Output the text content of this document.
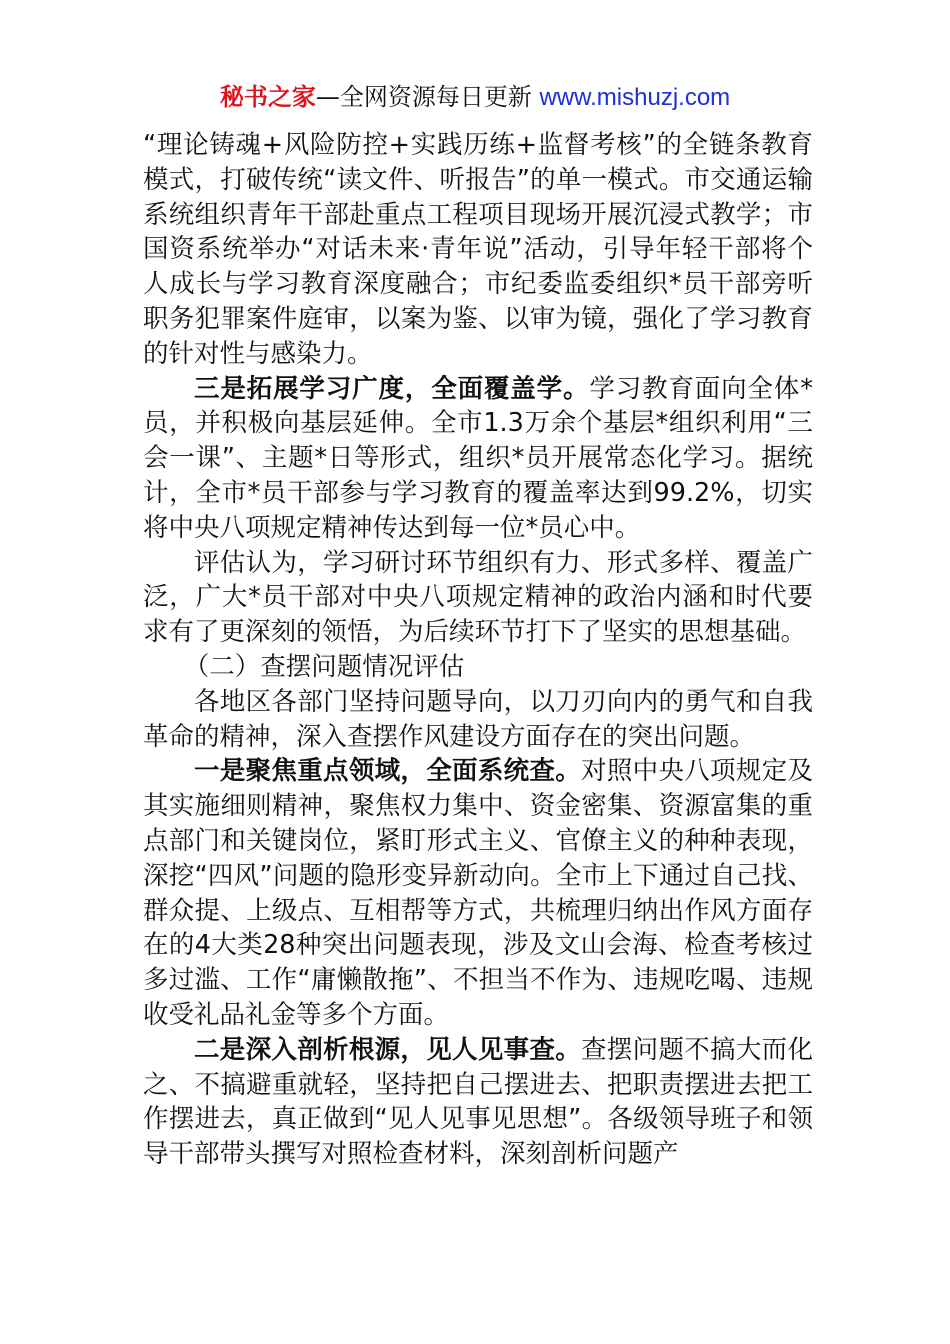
秘书之家—全网资源每日更新 www.mishuzj.com

“理论铸魂+风险防控+实践历练+监督考核”的全链条教育模式，打破传统“读文件、听报告”的单一模式。市交通运输系统组织青年干部赴重点工程项目现场开展沉浸式教学；市国资系统举办“对话未来·青年说”活动，引导年轻干部将个人成长与学习教育深度融合；市纪委监委组织*员干部旁听职务犯罪案件庭审，以案为鉴、以审为镜，强化了学习教育的针对性与感染力。

三是拓展学习广度，全面覆盖学。学习教育面向全体*员，并积极向基层延伸。全市1.3万余个基层*组织利用“三会一课”、主题*日等形式，组织*员开展常态化学习。据统计，全市*员干部参与学习教育的覆盖率达到99.2%，切实将中央八项规定精神传达到每一位*员心中。

评估认为，学习研讨环节组织有力、形式多样、覆盖广泛，广大*员干部对中央八项规定精神的政治内涵和时代要求有了更深刻的领悟，为后续环节打下了坚实的思想基础。

（二）查摆问题情况评估

各地区各部门坚持问题导向，以刀刃向内的勇气和自我革命的精神，深入查摆作风建设方面存在的突出问题。

一是聚焦重点领域，全面系统查。对照中央八项规定及其实施细则精神，聚焦权力集中、资金密集、资源富集的重点部门和关键岗位，紧盯形式主义、官僚主义的种种表现，深挖“四风”问题的隐形变异新动向。全市上下通过自己找、群众提、上级点、互相帮等方式，共梳理归纳出作风方面存在的4大类28种突出问题表现，涉及文山会海、检查考核过多过滥、工作“庸懒散拖”、不担当不作为、违规吃喝、违规收受礼品礼金等多个方面。

二是深入剖析根源，见人见事查。查摆问题不搞大而化之、不搞避重就轻，坚持把自己摆进去、把职责摆进去把工作摆进去，真正做到“见人见事见思想”。各级领导班子和领导干部带头撰写对照检查材料，深刻剖析问题产
